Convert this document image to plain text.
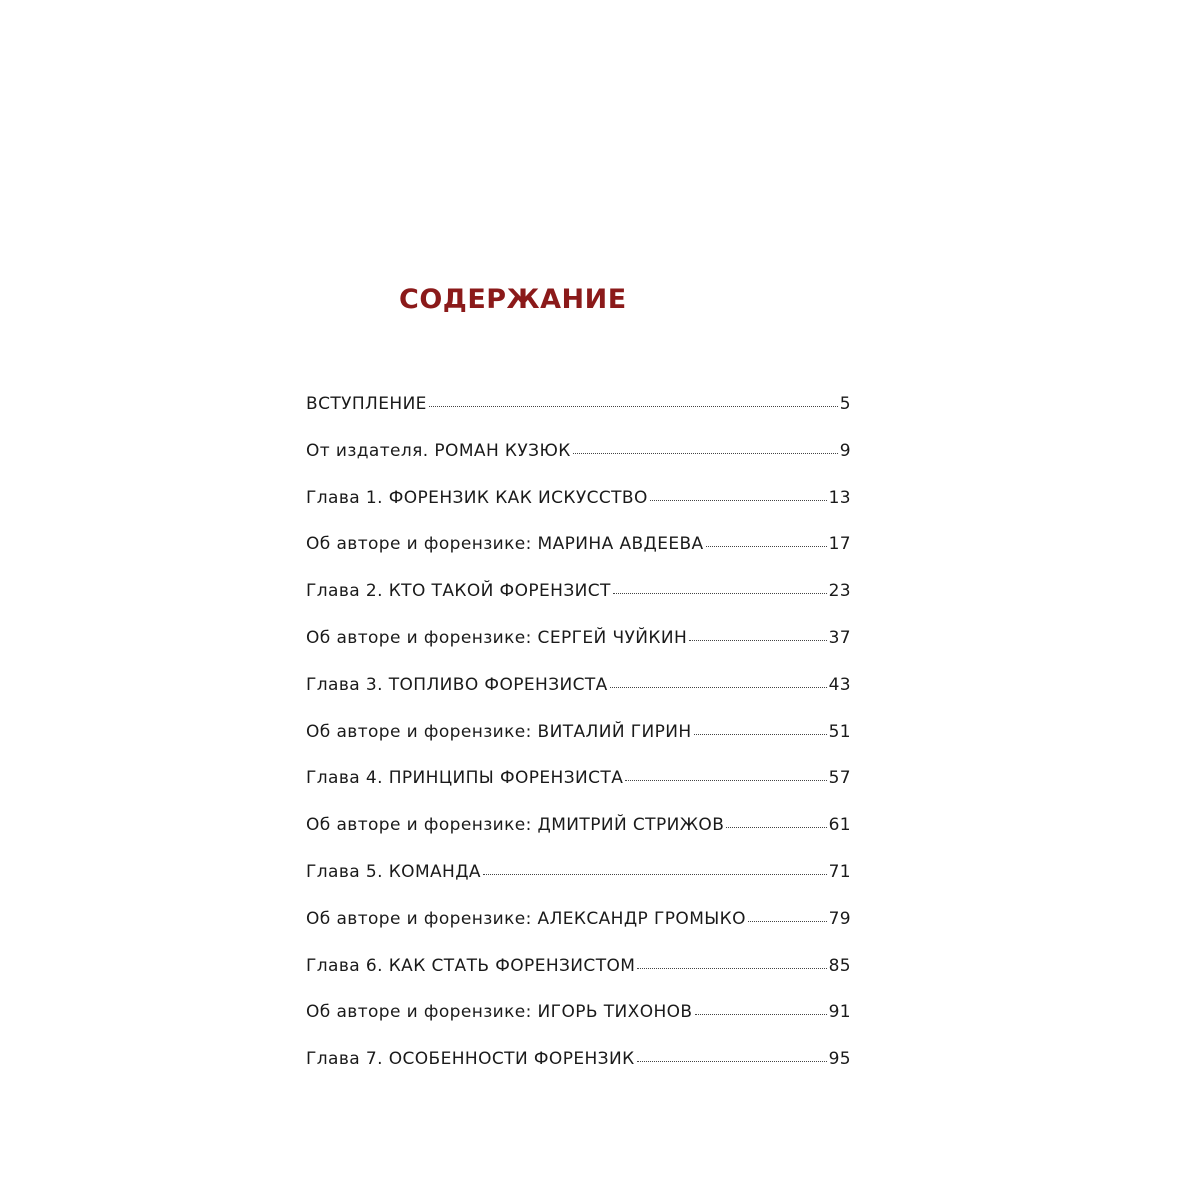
СОДЕРЖАНИЕ
ВСТУПЛЕНИЕ	5
От издателя. РОМАН КУЗЮК	9
Глава 1. ФОРЕНЗИК КАК ИСКУССТВО	13
Об авторе и форензике: МАРИНА АВДЕЕВА	17
Глава 2. КТО ТАКОЙ ФОРЕНЗИСТ	23
Об авторе и форензике: СЕРГЕЙ ЧУЙКИН	37
Глава 3. ТОПЛИВО ФОРЕНЗИСТА	43
Об авторе и форензике: ВИТАЛИЙ ГИРИН	51
Глава 4. ПРИНЦИПЫ ФОРЕНЗИСТА	57
Об авторе и форензике: ДМИТРИЙ СТРИЖОВ	61
Глава 5. КОМАНДА	71
Об авторе и форензике: АЛЕКСАНДР ГРОМЫКО	79
Глава 6. КАК СТАТЬ ФОРЕНЗИСТОМ	85
Об авторе и форензике: ИГОРЬ ТИХОНОВ	91
Глава 7. ОСОБЕННОСТИ ФОРЕНЗИК	95
